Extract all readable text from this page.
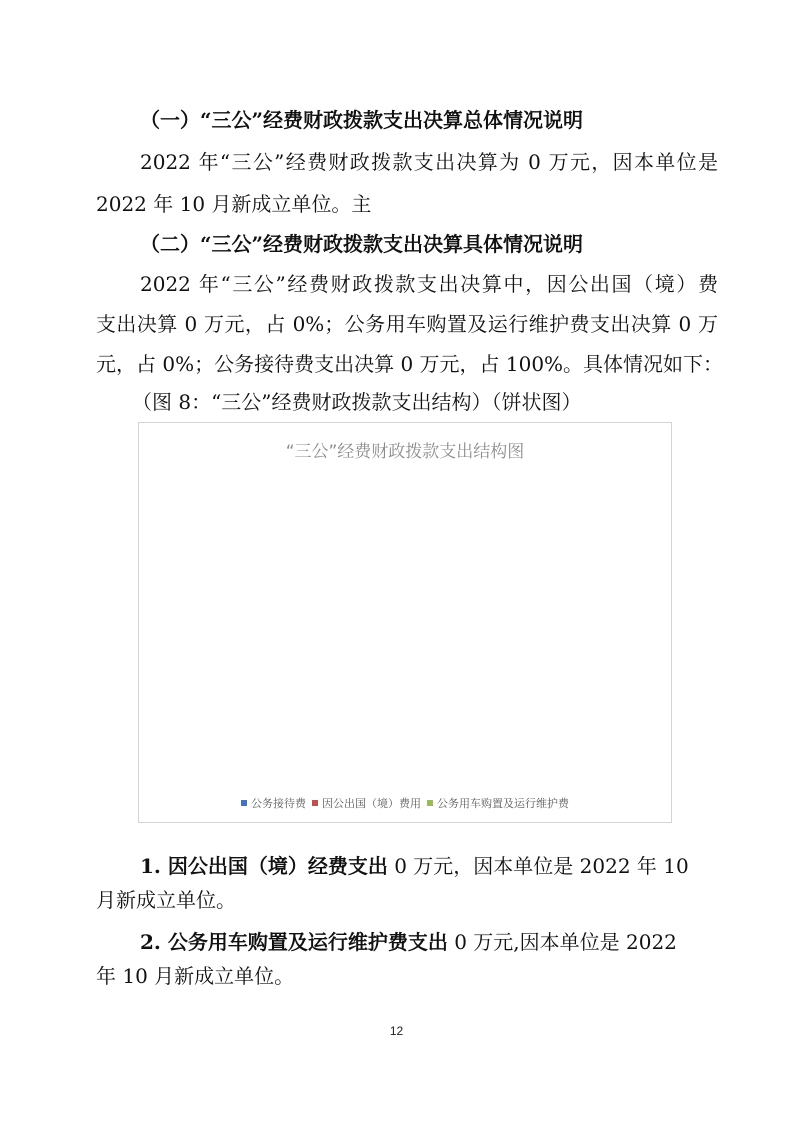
（一）“三公”经费财政拨款支出决算总体情况说明
2022 年“三公”经费财政拨款支出决算为 0 万元，因本单位是
2022 年 10 月新成立单位。主
（二）“三公”经费财政拨款支出决算具体情况说明
2022 年“三公”经费财政拨款支出决算中，因公出国（境）费
支出决算 0 万元，占 0%；公务用车购置及运行维护费支出决算 0 万
元，占 0%；公务接待费支出决算 0 万元，占 100%。具体情况如下：
（图 8：“三公”经费财政拨款支出结构）（饼状图）
“三公”经费财政拨款支出结构图
公务接待费 因公出国（境）费用 公务用车购置及运行维护费
1. 因公出国（境）经费支出 0 万元，因本单位是 2022 年 10
月新成立单位。
2. 公务用车购置及运行维护费支出 0 万元,因本单位是 2022
年 10 月新成立单位。
12
